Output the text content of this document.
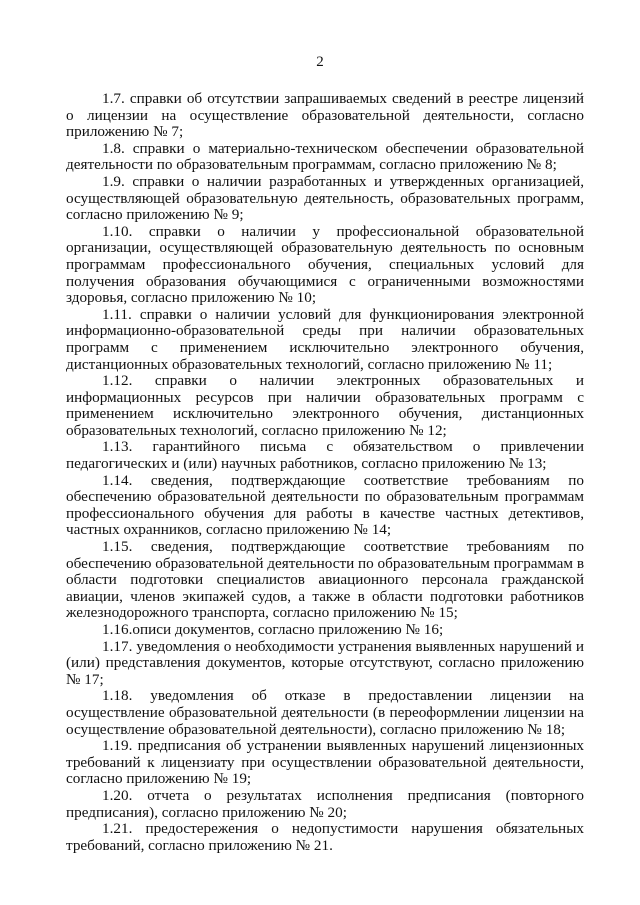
2

1.7. справки об отсутствии запрашиваемых сведений в реестре лицензий о лицензии на осуществление образовательной деятельности, согласно приложению № 7;

1.8. справки о материально-техническом обеспечении образовательной деятельности по образовательным программам, согласно приложению № 8;

1.9. справки о наличии разработанных и утвержденных организацией, осуществляющей образовательную деятельность, образовательных программ, согласно приложению № 9;

1.10. справки о наличии у профессиональной образовательной организации, осуществляющей образовательную деятельность по основным программам профессионального обучения, специальных условий для получения образования обучающимися с ограниченными возможностями здоровья, согласно приложению № 10;

1.11. справки о наличии условий для функционирования электронной информационно-образовательной среды при наличии образовательных программ с применением исключительно электронного обучения, дистанционных образовательных технологий, согласно приложению № 11;

1.12. справки о наличии электронных образовательных и информационных ресурсов при наличии образовательных программ с применением исключительно электронного обучения, дистанционных образовательных технологий, согласно приложению № 12;

1.13. гарантийного письма с обязательством о привлечении педагогических и (или) научных работников, согласно приложению № 13;

1.14. сведения, подтверждающие соответствие требованиям по обеспечению образовательной деятельности по образовательным программам профессионального обучения для работы в качестве частных детективов, частных охранников, согласно приложению № 14;

1.15. сведения, подтверждающие соответствие требованиям по обеспечению образовательной деятельности по образовательным программам в области подготовки специалистов авиационного персонала гражданской авиации, членов экипажей судов, а также в области подготовки работников железнодорожного транспорта, согласно приложению № 15;

1.16.описи документов, согласно приложению № 16;

1.17. уведомления о необходимости устранения выявленных нарушений и (или) представления документов, которые отсутствуют, согласно приложению № 17;

1.18. уведомления об отказе в предоставлении лицензии на осуществление образовательной деятельности (в переоформлении лицензии на осуществление образовательной деятельности), согласно приложению № 18;

1.19. предписания об устранении выявленных нарушений лицензионных требований к лицензиату при осуществлении образовательной деятельности, согласно приложению № 19;

1.20. отчета о результатах исполнения предписания (повторного предписания), согласно приложению № 20;

1.21. предостережения о недопустимости нарушения обязательных требований, согласно приложению № 21.
